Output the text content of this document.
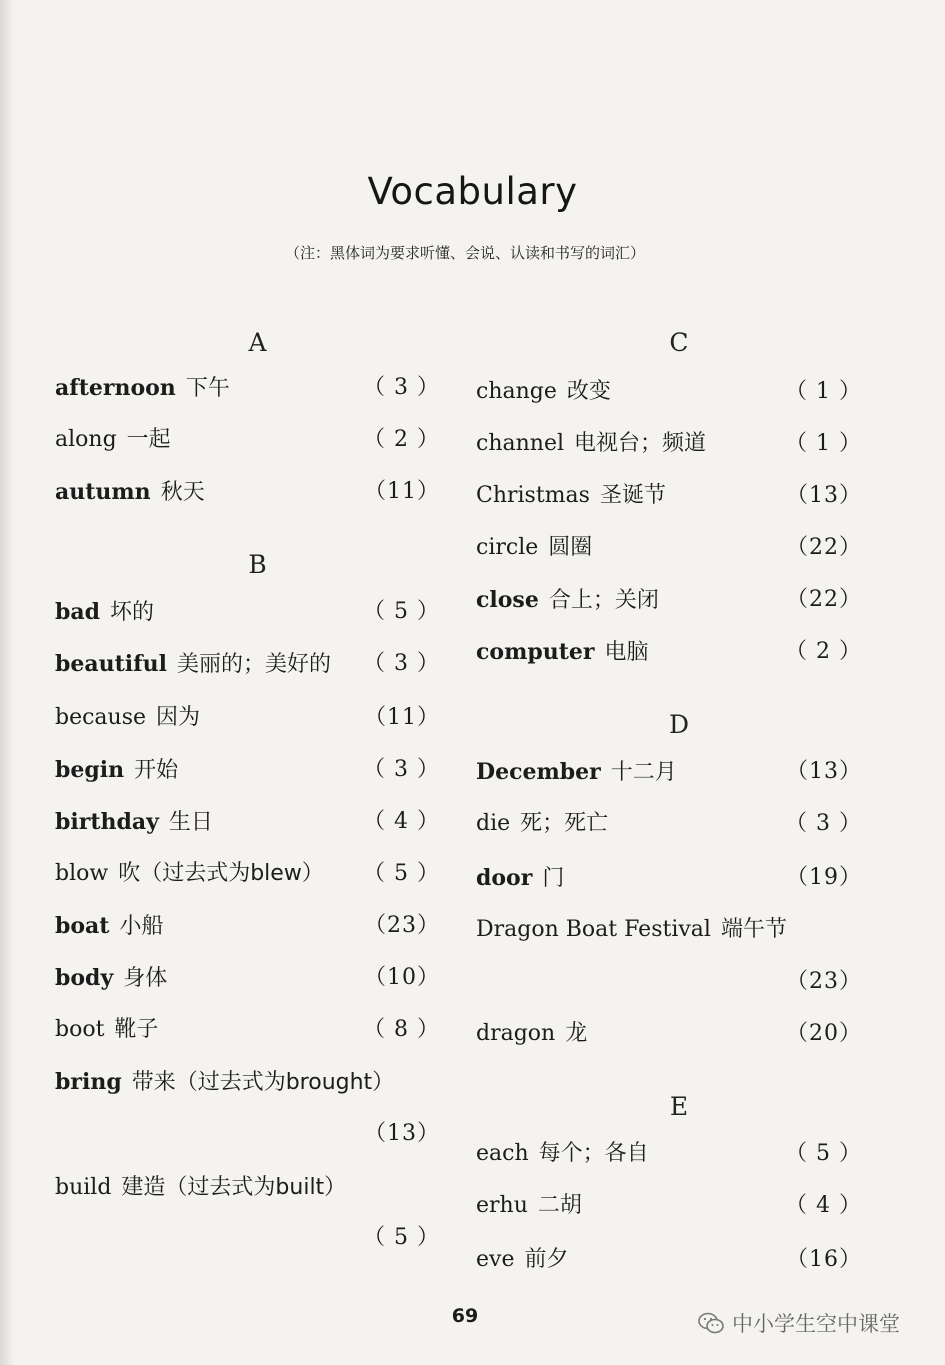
Vocabulary
（注：黑体词为要求听懂、会说、认读和书写的词汇）
A
afternoon 下午	（ 3 ）
along 一起	（ 2 ）
autumn 秋天	（11）
B
bad 坏的	（ 5 ）
beautiful 美丽的；美好的 （ 3 ）
because 因为	（11）
begin 开始	（ 3 ）
birthday 生日	（ 4 ）
blow 吹（过去式为blew） （ 5 ）
boat 小船	（23）
body 身体	（10）
boot 靴子	（ 8 ）
bring 带来（过去式为brought）
（13）
build 建造（过去式为built）
（ 5 ）
C
change 改变	（ 1 ）
channel 电视台；频道	（ 1 ）
Christmas 圣诞节	（13）
circle 圆圈	（22）
close 合上；关闭	（22）
computer 电脑	（ 2 ）
D
December 十二月	（13）
die 死；死亡	（ 3 ）
door 门	（19）
Dragon Boat Festival 端午节
（23）
dragon 龙	（20）
E
each 每个；各自	（ 5 ）
erhu 二胡	（ 4 ）
eve 前夕	（16）
69	中小学生空中课堂
